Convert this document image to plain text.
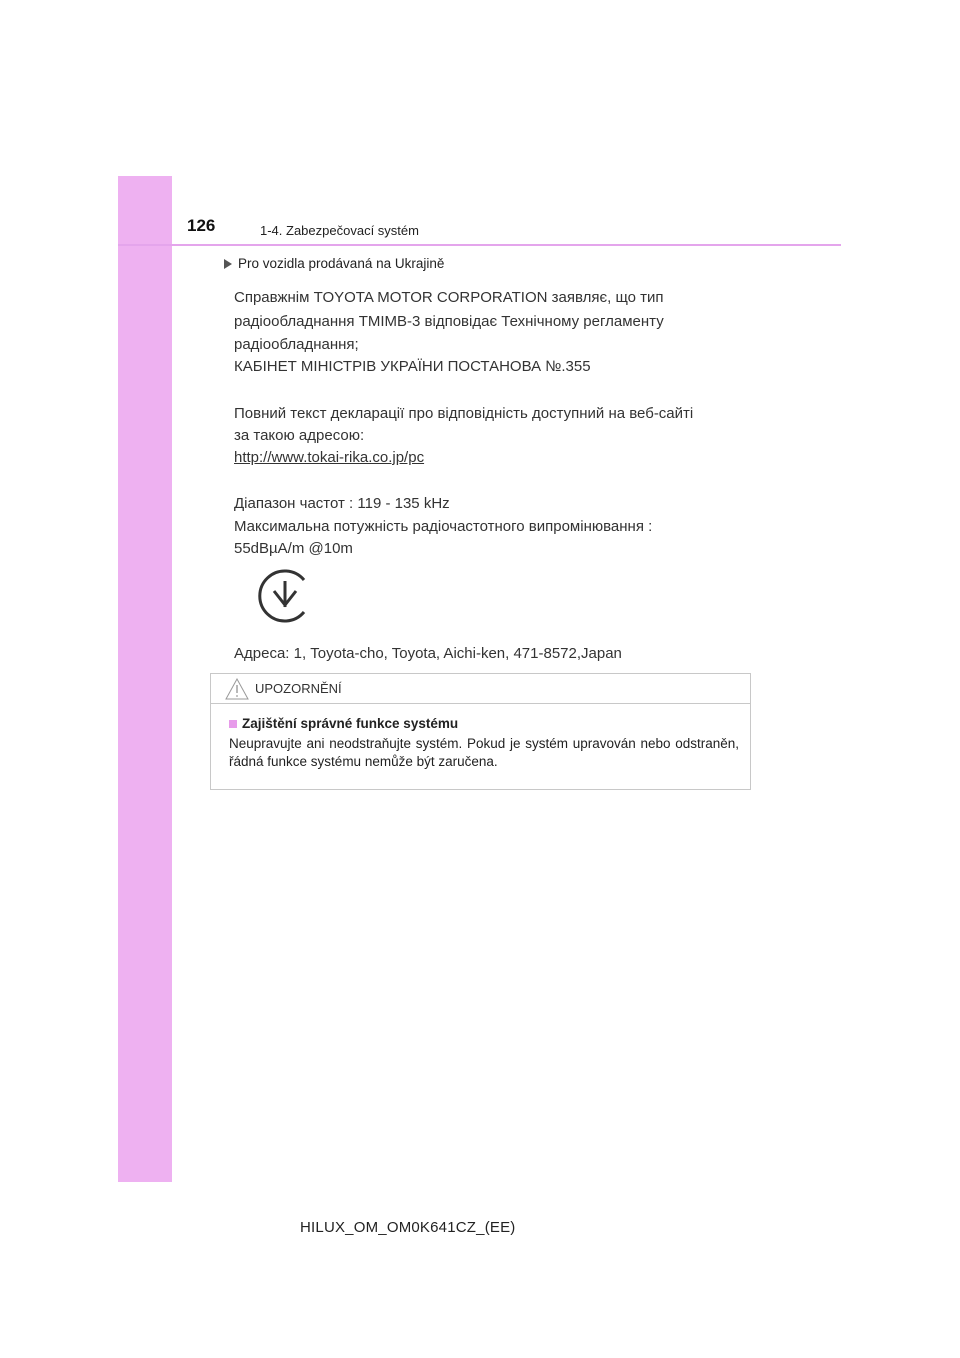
126	1-4. Zabezpečovací systém
Pro vozidla prodávaná na Ukrajině
Справжнім TOYOTA MOTOR CORPORATION заявляє, що тип
радіообладнання TMIMB-3 відповідає Технічному регламенту
радіообладнання;
КАБІНЕТ МІНІСТРІВ УКРАЇНИ ПОСТАНОВА №.355
Повний текст декларації про відповідність доступний на веб-сайті
за такою адресою:
http://www.tokai-rika.co.jp/pc
Діапазон частот : 119 - 135 kHz
Максимальна потужність радіочастотного випромінювання :
55dBµA/m @10m
Адреса: 1, Toyota-cho, Toyota, Aichi-ken, 471-8572,Japan
UPOZORNĚNÍ
Zajištění správné funkce systému
Neupravujte ani neodstraňujte systém. Pokud je systém upravován nebo odstraněn, řádná funkce systému nemůže být zaručena.
HILUX_OM_OM0K641CZ_(EE)
